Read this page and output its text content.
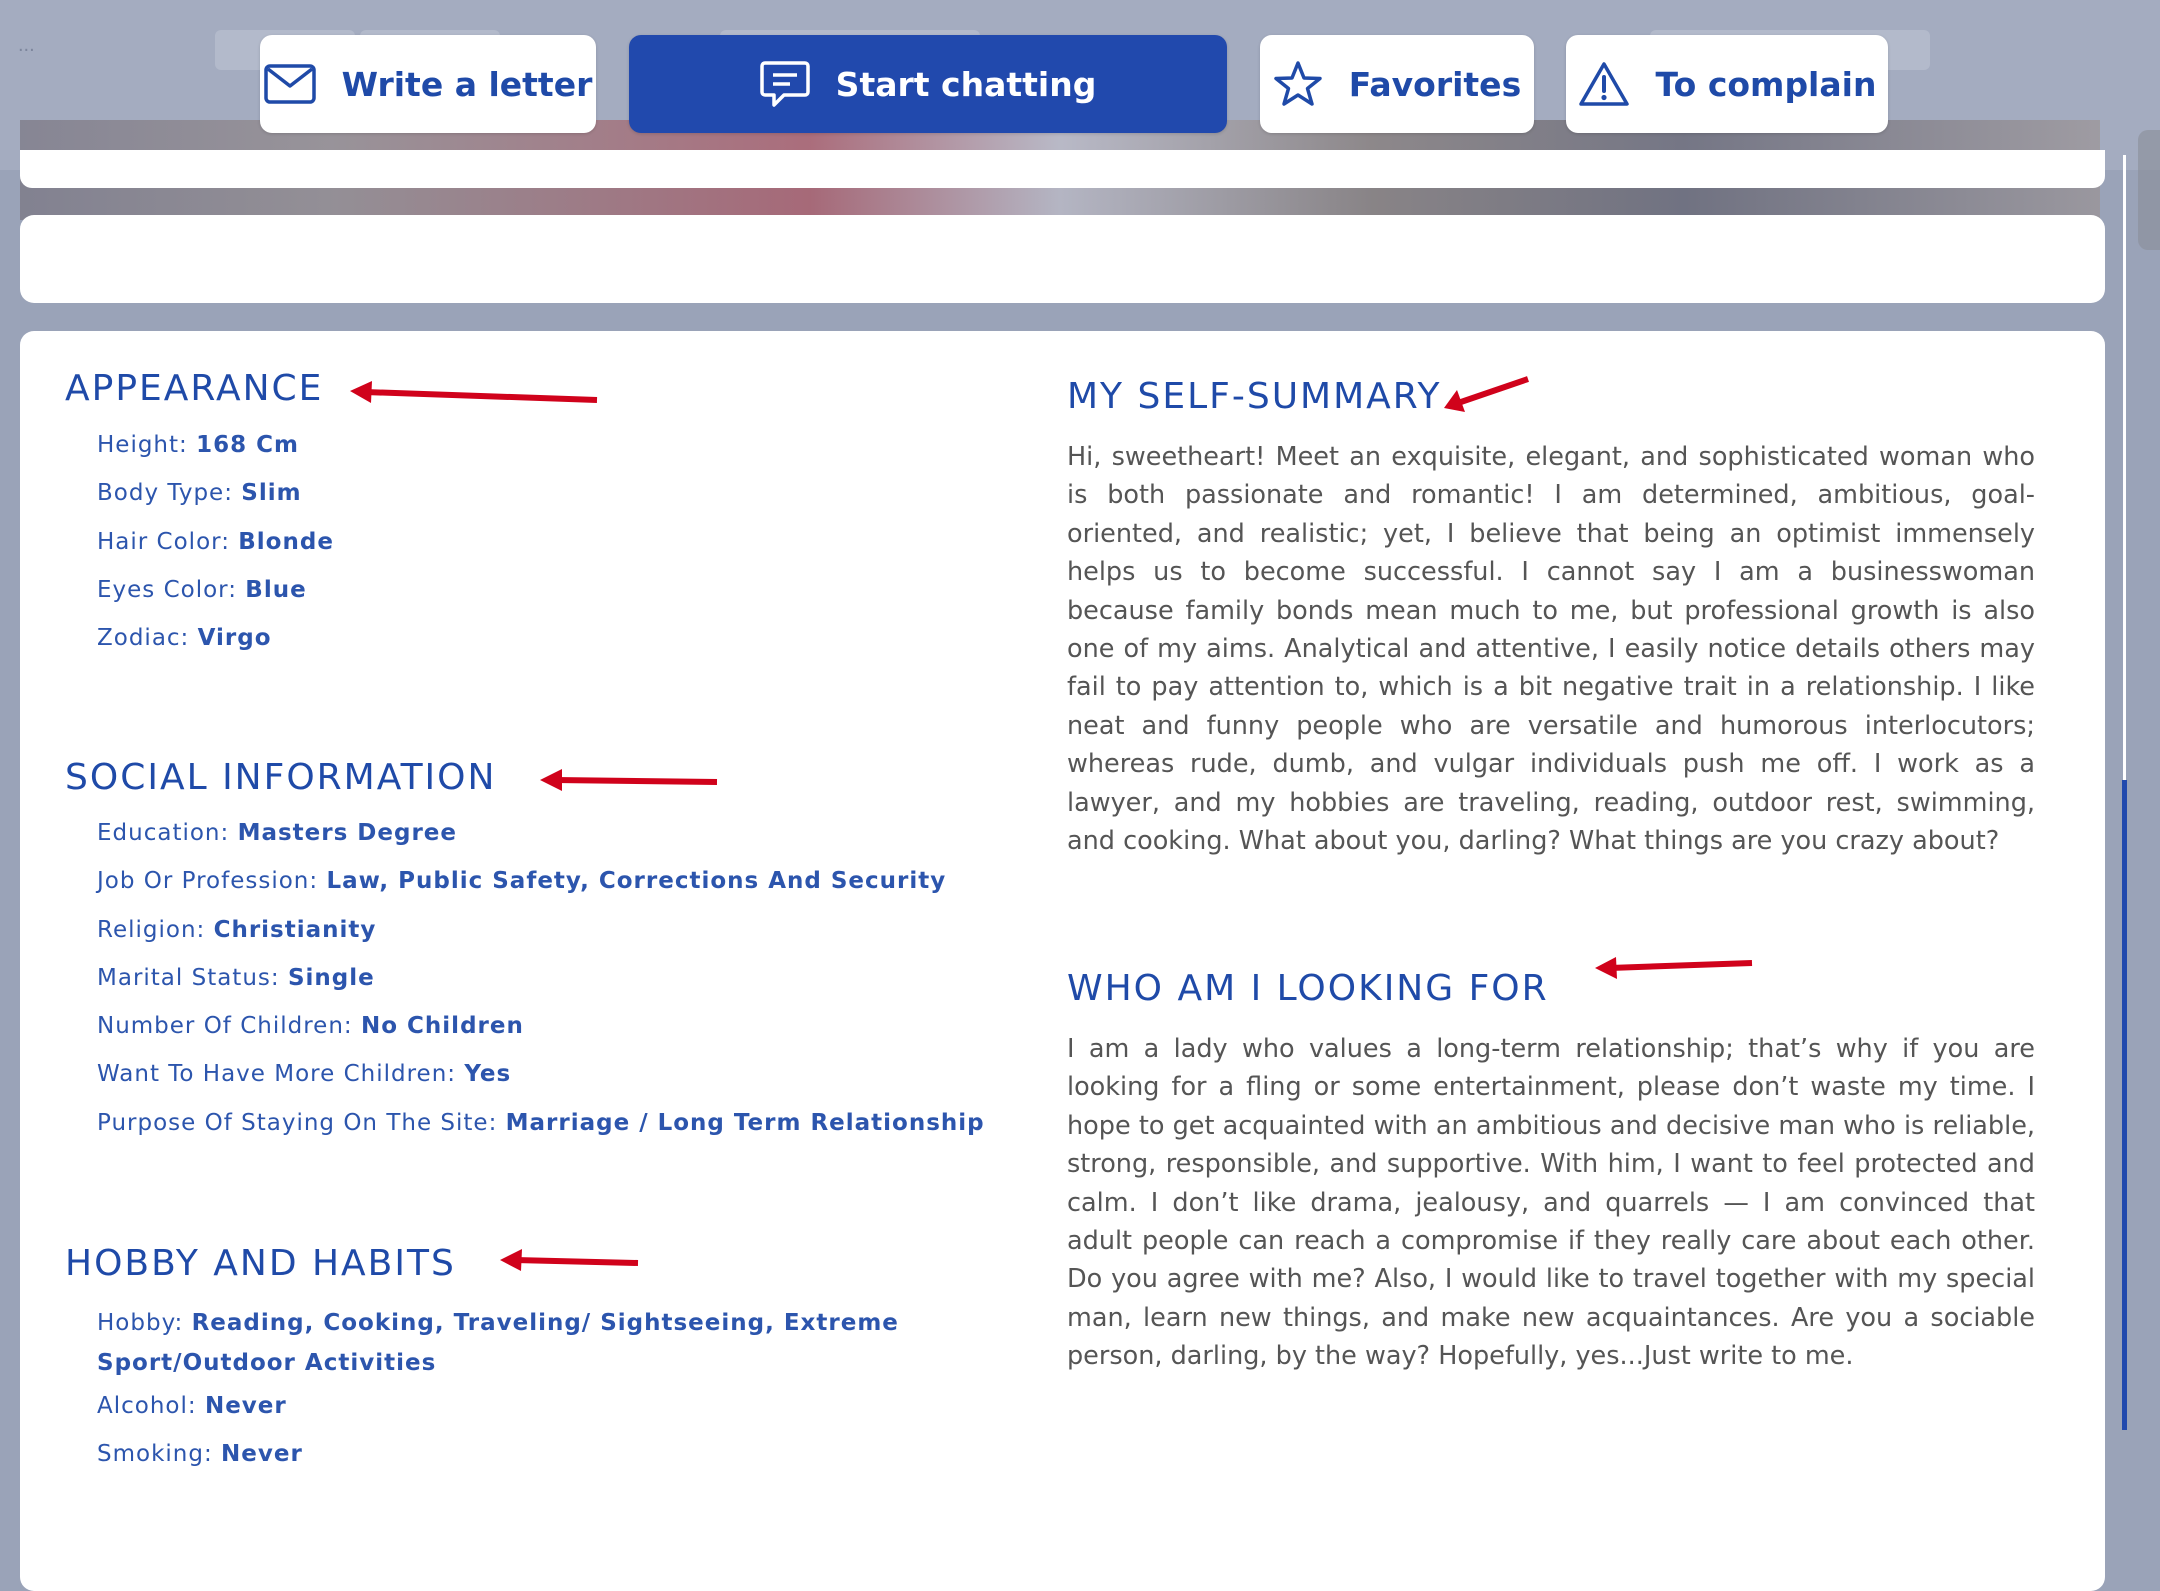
...
Write a letter	Start chatting	Favorites	To complain
APPEARANCE
Height: 168 Cm
Body Type: Slim
Hair Color: Blonde
Eyes Color: Blue
Zodiac: Virgo
SOCIAL INFORMATION
Education: Masters Degree
Job Or Profession: Law, Public Safety, Corrections And Security
Religion: Christianity
Marital Status: Single
Number Of Children: No Children
Want To Have More Children: Yes
Purpose Of Staying On The Site: Marriage / Long Term Relationship
HOBBY AND HABITS
Hobby: Reading, Cooking, Traveling/ Sightseeing, Extreme Sport/Outdoor Activities
Alcohol: Never
Smoking: Never
MY SELF-SUMMARY

Hi, sweetheart! Meet an exquisite, elegant, and sophisticated woman who is both passionate and romantic! I am determined, ambitious, goal-oriented, and realistic; yet, I believe that being an optimist immensely helps us to become successful. I cannot say I am a businesswoman because family bonds mean much to me, but professional growth is also one of my aims. Analytical and attentive, I easily notice details others may fail to pay attention to, which is a bit negative trait in a relationship. I like neat and funny people who are versatile and humorous interlocutors; whereas rude, dumb, and vulgar individuals push me off. I work as a lawyer, and my hobbies are traveling, reading, outdoor rest, swimming, and cooking. What about you, darling? What things are you crazy about?

WHO AM I LOOKING FOR

I am a lady who values a long-term relationship; that’s why if you are looking for a fling or some entertainment, please don’t waste my time. I hope to get acquainted with an ambitious and decisive man who is reliable, strong, responsible, and supportive. With him, I want to feel protected and calm. I don’t like drama, jealousy, and quarrels — I am convinced that adult people can reach a compromise if they really care about each other. Do you agree with me? Also, I would like to travel together with my special man, learn new things, and make new acquaintances. Are you a sociable person, darling, by the way? Hopefully, yes...Just write to me.
